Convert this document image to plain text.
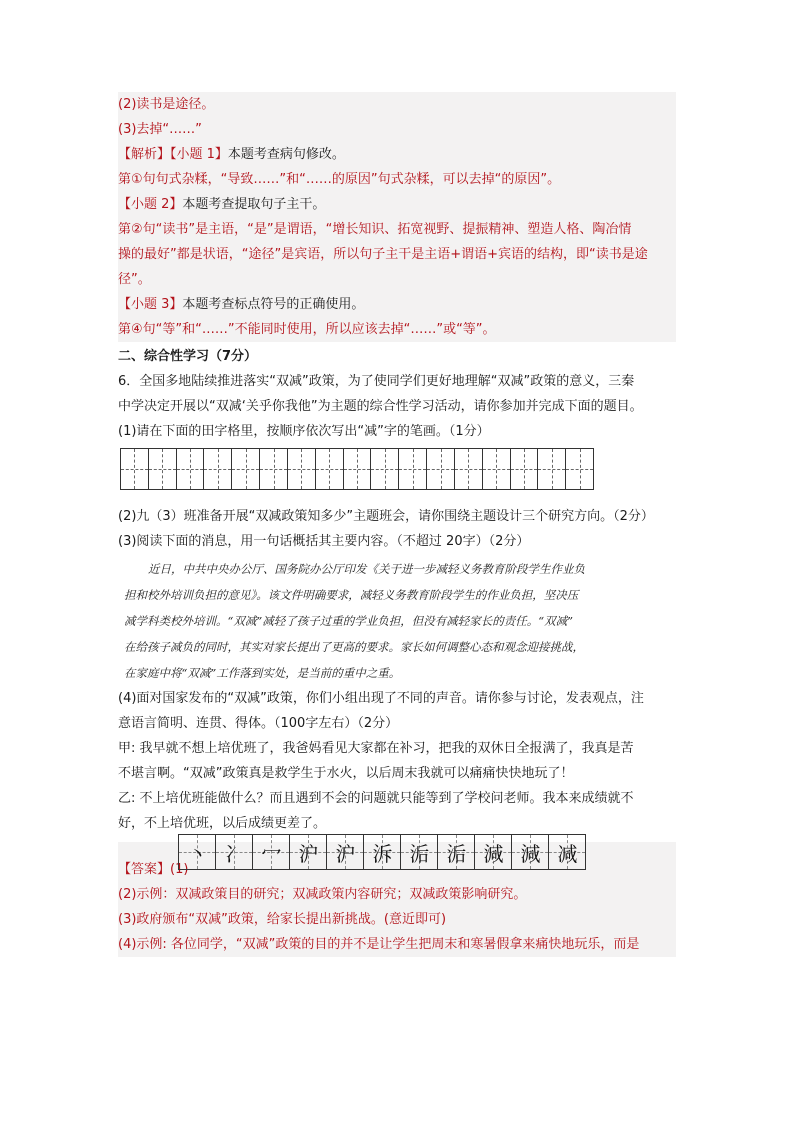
(2)读书是途径。
(3)去掉“……”
【解析】【小题 1】本题考查病句修改。
第①句句式杂糅，“导致……”和“……的原因”句式杂糅，可以去掉“的原因”。
【小题 2】本题考查提取句子主干。
第②句“读书”是主语，“是”是谓语，“增长知识、拓宽视野、提振精神、塑造人格、陶冶情
操的最好”都是状语，“途径”是宾语，所以句子主干是主语+谓语+宾语的结构，即“读书是途
径”。
【小题 3】本题考查标点符号的正确使用。
第④句“等”和“……”不能同时使用，所以应该去掉“……”或“等”。
二、综合性学习（7分）
6．全国多地陆续推进落实“双减”政策，为了使同学们更好地理解“双减”政策的意义，三秦
中学决定开展以“双减‘关乎你我他”为主题的综合性学习活动，请你参加并完成下面的题目。
(1)请在下面的田字格里，按顺序依次写出“减”字的笔画。（1分）
(2)九（3）班准备开展“双减政策知多少”主题班会，请你围绕主题设计三个研究方向。（2分）
(3)阅读下面的消息，用一句话概括其主要内容。（不超过 20字）（2分）
近日，中共中央办公厅、国务院办公厅印发《关于进一步减轻义务教育阶段学生作业负
担和校外培训负担的意见》。该文件明确要求，减轻义务教育阶段学生的作业负担，坚决压
减学科类校外培训。“双减”减轻了孩子过重的学业负担，但没有减轻家长的责任。“双减”
在给孩子减负的同时，其实对家长提出了更高的要求。家长如何调整心态和观念迎接挑战，
在家庭中将“双减”工作落到实处，是当前的重中之重。
(4)面对国家发布的“双减”政策，你们小组出现了不同的声音。请你参与讨论，发表观点，注
意语言简明、连贯、得体。（100字左右）（2分）
甲: 我早就不想上培优班了，我爸妈看见大家都在补习，把我的双休日全报满了，我真是苦
不堪言啊。“双减”政策真是救学生于水火，以后周末我就可以痛痛快快地玩了！
乙: 不上培优班能做什么？而且遇到不会的问题就只能等到了学校问老师。我本来成绩就不
好，不上培优班，以后成绩更差了。
【答案】 (1)
丶 冫 冖 沪 沪 泝 洉 洉 減 減 减
(2)示例：双减政策目的研究；双减政策内容研究；双减政策影响研究。
(3)政府颁布“双减”政策，给家长提出新挑战。(意近即可)
(4)示例: 各位同学，“双减”政策的目的并不是让学生把周末和寒暑假拿来痛快地玩乐，而是
